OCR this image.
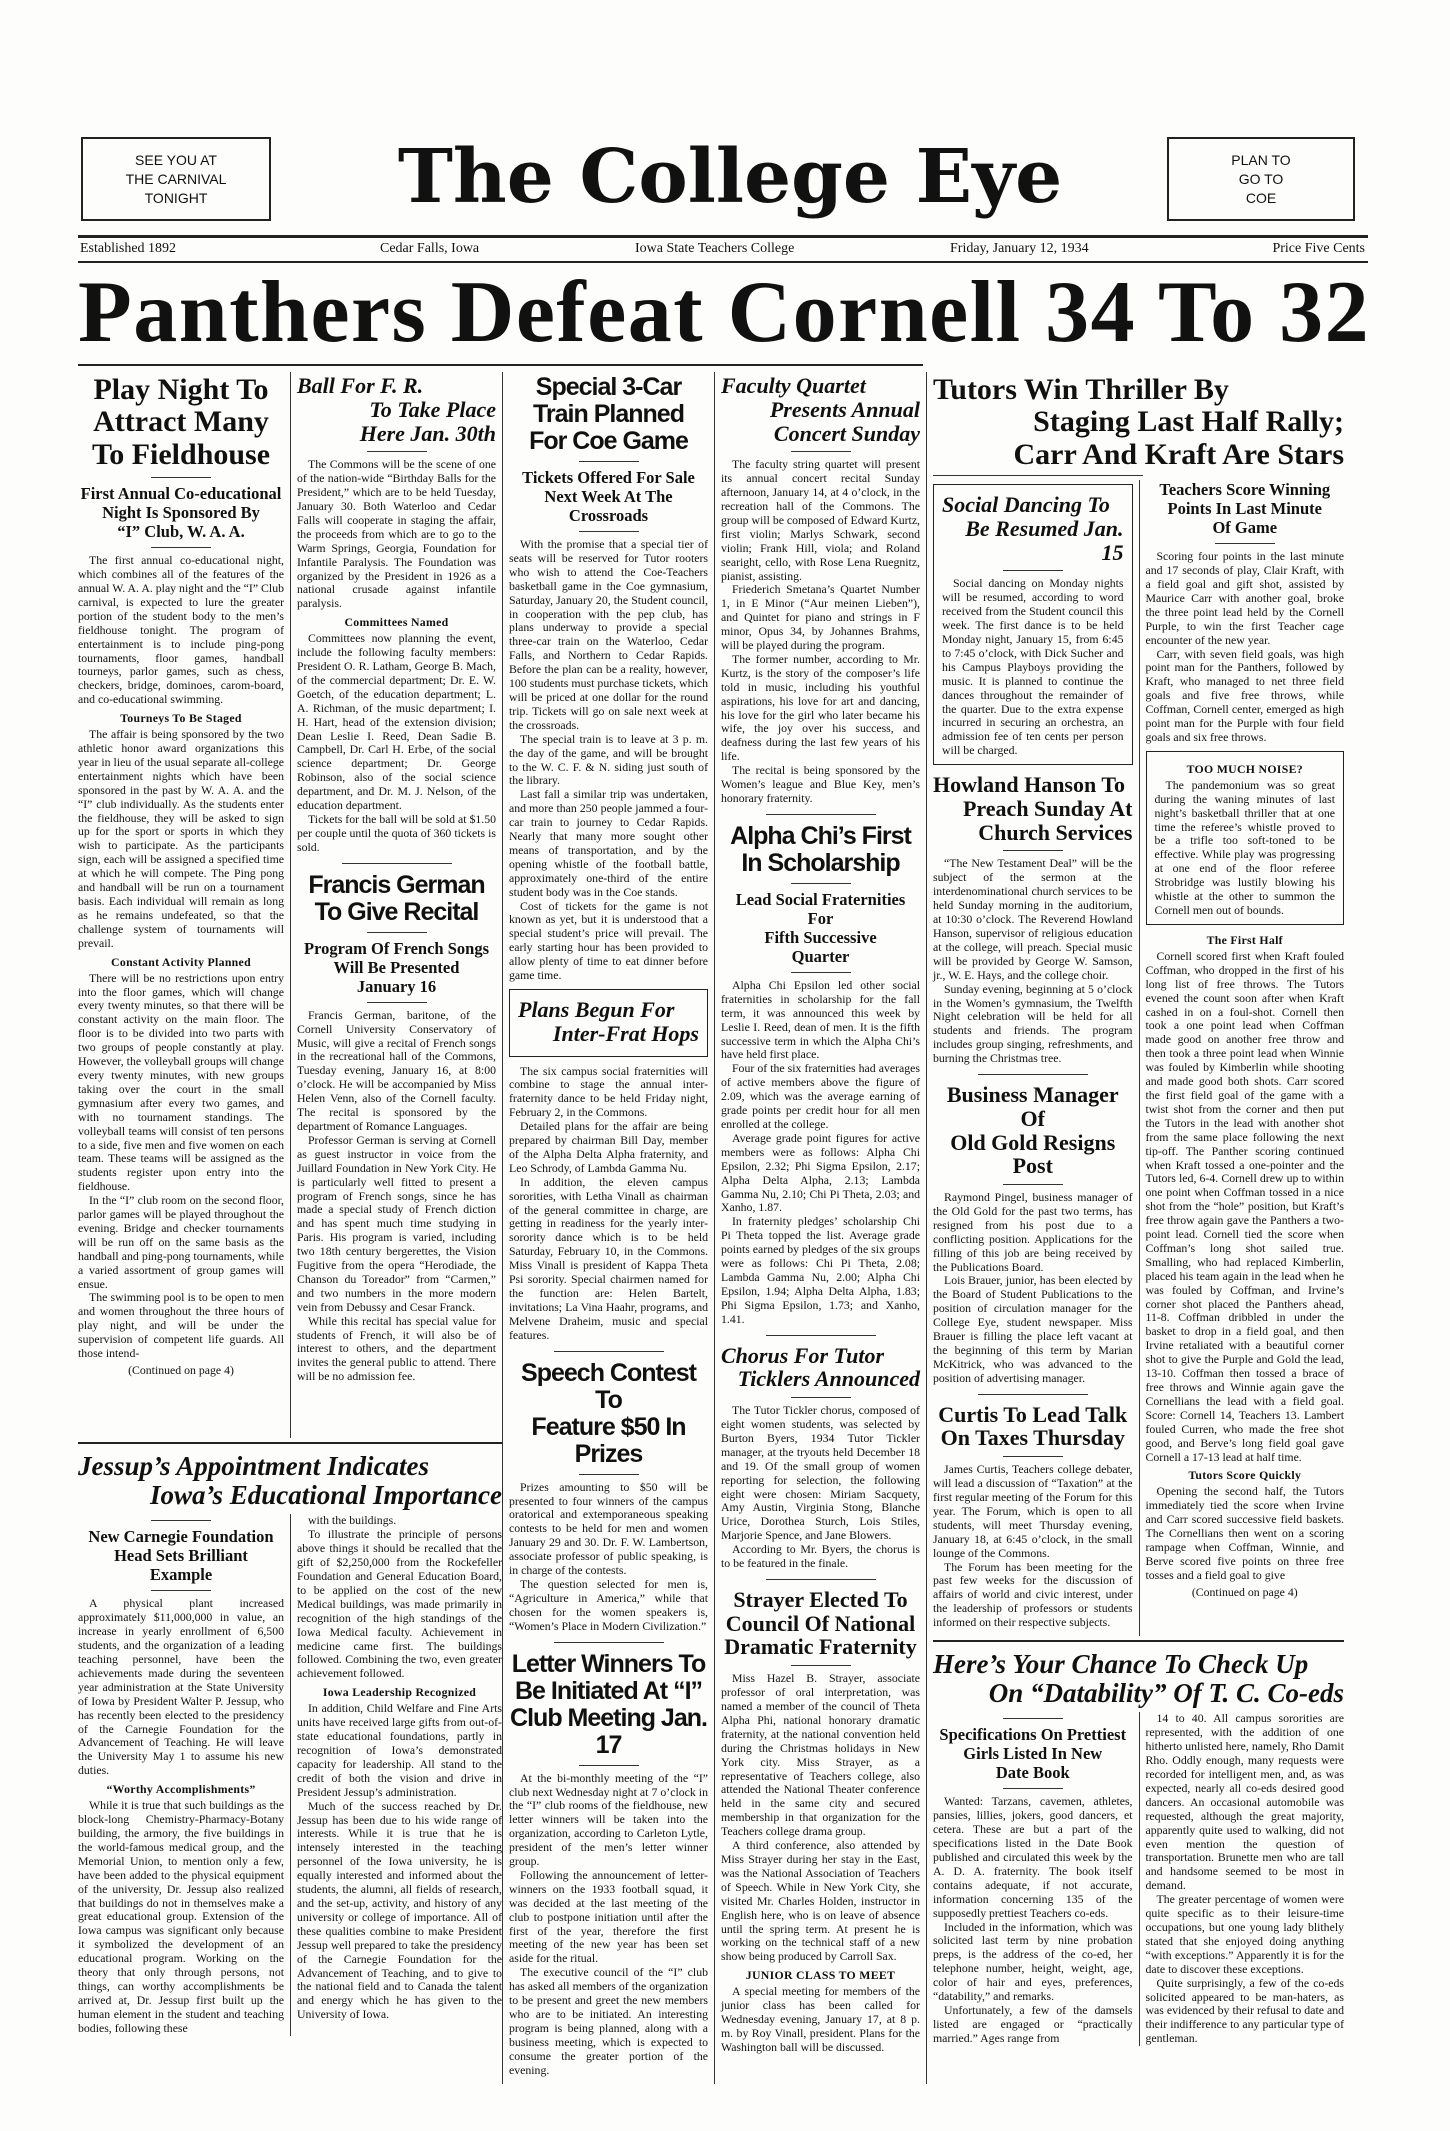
SEE YOU AT
THE CARNIVAL
TONIGHT	The College Eye	PLAN TO
GO TO
COE
Established 1892	Cedar Falls, Iowa	Iowa State Teachers College	Friday, January 12, 1934	Price Five Cents
Panthers Defeat Cornell 34 To 32
Play Night To
Attract Many
To Fieldhouse
First Annual Co-educational
Night Is Sponsored By
“I” Club, W. A. A.

The first annual co-educational night, which combines all of the features of the annual W. A. A. play night and the “I” Club carnival, is expected to lure the greater portion of the student body to the men’s fieldhouse tonight. The program of entertainment is to include ping-pong tournaments, floor games, handball tourneys, parlor games, such as chess, checkers, bridge, dominoes, carom-board, and co-educational swimming.

Tourneys To Be Staged

The affair is being sponsored by the two athletic honor award organizations this year in lieu of the usual separate all-college entertainment nights which have been sponsored in the past by W. A. A. and the “I” club individually. As the students enter the fieldhouse, they will be asked to sign up for the sport or sports in which they wish to participate. As the participants sign, each will be assigned a specified time at which he will compete. The Ping pong and handball will be run on a tournament basis. Each individual will remain as long as he remains undefeated, so that the challenge system of tournaments will prevail.

Constant Activity Planned

There will be no restrictions upon entry into the floor games, which will change every twenty minutes, so that there will be constant activity on the main floor. The floor is to be divided into two parts with two groups of people constantly at play. However, the volleyball groups will change every twenty minutes, with new groups taking over the court in the small gymnasium after every two games, and with no tournament standings. The volleyball teams will consist of ten persons to a side, five men and five women on each team. These teams will be assigned as the students register upon entry into the fieldhouse.

In the “I” club room on the second floor, parlor games will be played throughout the evening. Bridge and checker tournaments will be run off on the same basis as the handball and ping-pong tournaments, while a varied assortment of group games will ensue.

The swimming pool is to be open to men and women throughout the three hours of play night, and will be under the supervision of competent life guards. All those intend-

(Continued on page 4)
Ball For F. R.
To Take Place
Here Jan. 30th

The Commons will be the scene of one of the nation-wide “Birthday Balls for the President,” which are to be held Tuesday, January 30. Both Waterloo and Cedar Falls will cooperate in staging the affair, the proceeds from which are to go to the Warm Springs, Georgia, Foundation for Infantile Paralysis. The Foundation was organized by the President in 1926 as a national crusade against infantile paralysis.

Committees Named

Committees now planning the event, include the following faculty members: President O. R. Latham, George B. Mach, of the commercial department; Dr. E. W. Goetch, of the education department; L. A. Richman, of the music department; I. H. Hart, head of the extension division; Dean Leslie I. Reed, Dean Sadie B. Campbell, Dr. Carl H. Erbe, of the social science department; Dr. George Robinson, also of the social science department, and Dr. M. J. Nelson, of the education department.

Tickets for the ball will be sold at $1.50 per couple until the quota of 360 tickets is sold.

Francis German
To Give Recital
Program Of French Songs
Will Be Presented
January 16

Francis German, baritone, of the Cornell University Conservatory of Music, will give a recital of French songs in the recreational hall of the Commons, Tuesday evening, January 16, at 8:00 o’clock. He will be accompanied by Miss Helen Venn, also of the Cornell faculty. The recital is sponsored by the department of Romance Languages.

Professor German is serving at Cornell as guest instructor in voice from the Juillard Foundation in New York City. He is particularly well fitted to present a program of French songs, since he has made a special study of French diction and has spent much time studying in Paris. His program is varied, including two 18th century bergerettes, the Vision Fugitive from the opera “Herodiade, the Chanson du Toreador” from “Carmen,” and two numbers in the more modern vein from Debussy and Cesar Franck.

While this recital has special value for students of French, it will also be of interest to others, and the department invites the general public to attend. There will be no admission fee.

Jessup’s Appointment Indicates
Iowa’s Educational Importance
New Carnegie Foundation
Head Sets Brilliant
Example

A physical plant increased approximately $11,000,000 in value, an increase in yearly enrollment of 6,500 students, and the organization of a leading teaching personnel, have been the achievements made during the seventeen year administration at the State University of Iowa by President Walter P. Jessup, who has recently been elected to the presidency of the Carnegie Foundation for the Advancement of Teaching. He will leave the University May 1 to assume his new duties.

“Worthy Accomplishments”

While it is true that such buildings as the block-long Chemistry-Pharmacy-Botany building, the armory, the five buildings in the world-famous medical group, and the Memorial Union, to mention only a few, have been added to the physical equipment of the university, Dr. Jessup also realized that buildings do not in themselves make a great educational group. Extension of the Iowa campus was significant only because it symbolized the development of an educational program. Working on the theory that only through persons, not things, can worthy accomplishments be arrived at, Dr. Jessup first built up the human element in the student and teaching bodies, following these

with the buildings.

To illustrate the principle of persons above things it should be recalled that the gift of $2,250,000 from the Rockefeller Foundation and General Education Board, to be applied on the cost of the new Medical buildings, was made primarily in recognition of the high standings of the Iowa Medical faculty. Achievement in medicine came first. The buildings followed. Combining the two, even greater achievement followed.

Iowa Leadership Recognized

In addition, Child Welfare and Fine Arts units have received large gifts from out-of-state educational foundations, partly in recognition of Iowa’s demonstrated capacity for leadership. All stand to the credit of both the vision and drive in President Jessup’s administration.

Much of the success reached by Dr. Jessup has been due to his wide range of interests. While it is true that he is intensely interested in the teaching personnel of the Iowa university, he is equally interested and informed about the students, the alumni, all fields of research, and the set-up, activity, and history of any university or college of importance. All of these qualities combine to make President Jessup well prepared to take the presidency of the Carnegie Foundation for the Advancement of Teaching, and to give to the national field and to Canada the talent and energy which he has given to the University of Iowa.

Special 3-Car
Train Planned
For Coe Game
Tickets Offered For Sale
Next Week At The
Crossroads

With the promise that a special tier of seats will be reserved for Tutor rooters who wish to attend the Coe-Teachers basketball game in the Coe gymnasium, Saturday, January 20, the Student council, in cooperation with the pep club, has plans underway to provide a special three-car train on the Waterloo, Cedar Falls, and Northern to Cedar Rapids. Before the plan can be a reality, however, 100 students must purchase tickets, which will be priced at one dollar for the round trip. Tickets will go on sale next week at the crossroads.

The special train is to leave at 3 p. m. the day of the game, and will be brought to the W. C. F. & N. siding just south of the library.

Last fall a similar trip was undertaken, and more than 250 people jammed a four-car train to journey to Cedar Rapids. Nearly that many more sought other means of transportation, and by the opening whistle of the football battle, approximately one-third of the entire student body was in the Coe stands.

Cost of tickets for the game is not known as yet, but it is understood that a special student’s price will prevail. The early starting hour has been provided to allow plenty of time to eat dinner before game time.

Plans Begun For
Inter-Frat Hops

The six campus social fraternities will combine to stage the annual inter-fraternity dance to be held Friday night, February 2, in the Commons.

Detailed plans for the affair are being prepared by chairman Bill Day, member of the Alpha Delta Alpha fraternity, and Leo Schrody, of Lambda Gamma Nu.

In addition, the eleven campus sororities, with Letha Vinall as chairman of the general committee in charge, are getting in readiness for the yearly inter-sorority dance which is to be held Saturday, February 10, in the Commons. Miss Vinall is president of Kappa Theta Psi sorority. Special chairmen named for the function are: Helen Bartelt, invitations; La Vina Haahr, programs, and Melvene Draheim, music and special features.

Speech Contest To
Feature $50 In Prizes

Prizes amounting to $50 will be presented to four winners of the campus oratorical and extemporaneous speaking contests to be held for men and women January 29 and 30. Dr. F. W. Lambertson, associate professor of public speaking, is in charge of the contests.

The question selected for men is, “Agriculture in America,” while that chosen for the women speakers is, “Women’s Place in Modern Civilization.”

Letter Winners To
Be Initiated At “I”
Club Meeting Jan. 17

At the bi-monthly meeting of the “I” club next Wednesday night at 7 o’clock in the “I” club rooms of the fieldhouse, new letter winners will be taken into the organization, according to Carleton Lytle, president of the men’s letter winner group.

Following the announcement of letter-winners on the 1933 football squad, it was decided at the last meeting of the club to postpone initiation until after the first of the year, therefore the first meeting of the new year has been set aside for the ritual.

The executive council of the “I” club has asked all members of the organization to be present and greet the new members who are to be initiated. An interesting program is being planned, along with a business meeting, which is expected to consume the greater portion of the evening.

Faculty Quartet
Presents Annual
Concert Sunday

The faculty string quartet will present its annual concert recital Sunday afternoon, January 14, at 4 o’clock, in the recreation hall of the Commons. The group will be composed of Edward Kurtz, first violin; Marlys Schwark, second violin; Frank Hill, viola; and Roland searight, cello, with Rose Lena Ruegnitz, pianist, assisting.

Friederich Smetana’s Quartet Number 1, in E Minor (“Aur meinen Lieben”), and Quintet for piano and strings in F minor, Opus 34, by Johannes Brahms, will be played during the program.

The former number, according to Mr. Kurtz, is the story of the composer’s life told in music, including his youthful aspirations, his love for art and dancing, his love for the girl who later became his wife, the joy over his success, and deafness during the last few years of his life.

The recital is being sponsored by the Women’s league and Blue Key, men’s honorary fraternity.

Alpha Chi’s First
In Scholarship
Lead Social Fraternities For
Fifth Successive
Quarter

Alpha Chi Epsilon led other social fraternities in scholarship for the fall term, it was announced this week by Leslie I. Reed, dean of men. It is the fifth successive term in which the Alpha Chi’s have held first place.

Four of the six fraternities had averages of active members above the figure of 2.09, which was the average earning of grade points per credit hour for all men enrolled at the college.

Average grade point figures for active members were as follows: Alpha Chi Epsilon, 2.32; Phi Sigma Epsilon, 2.17; Alpha Delta Alpha, 2.13; Lambda Gamma Nu, 2.10; Chi Pi Theta, 2.03; and Xanho, 1.87.

In fraternity pledges’ scholarship Chi Pi Theta topped the list. Average grade points earned by pledges of the six groups were as follows: Chi Pi Theta, 2.08; Lambda Gamma Nu, 2.00; Alpha Chi Epsilon, 1.94; Alpha Delta Alpha, 1.83; Phi Sigma Epsilon, 1.73; and Xanho, 1.41.

Chorus For Tutor
Ticklers Announced

The Tutor Tickler chorus, composed of eight women students, was selected by Burton Byers, 1934 Tutor Tickler manager, at the tryouts held December 18 and 19. Of the small group of women reporting for selection, the following eight were chosen: Miriam Sacquety, Amy Austin, Virginia Stong, Blanche Urice, Dorothea Sturch, Lois Stiles, Marjorie Spence, and Jane Blowers.

According to Mr. Byers, the chorus is to be featured in the finale.

Strayer Elected To
Council Of National
Dramatic Fraternity

Miss Hazel B. Strayer, associate professor of oral interpretation, was named a member of the council of Theta Alpha Phi, national honorary dramatic fraternity, at the national convention held during the Christmas holidays in New York city. Miss Strayer, as a representative of Teachers college, also attended the National Theater conference held in the same city and secured membership in that organization for the Teachers college drama group.

A third conference, also attended by Miss Strayer during her stay in the East, was the National Association of Teachers of Speech. While in New York City, she visited Mr. Charles Holden, instructor in English here, who is on leave of absence until the spring term. At present he is working on the technical staff of a new show being produced by Carroll Sax.

JUNIOR CLASS TO MEET

A special meeting for members of the junior class has been called for Wednesday evening, January 17, at 8 p. m. by Roy Vinall, president. Plans for the Washington ball will be discussed.

Tutors Win Thriller By
Staging Last Half Rally;
Carr And Kraft Are Stars
Social Dancing To
Be Resumed Jan. 15

Social dancing on Monday nights will be resumed, according to word received from the Student council this week. The first dance is to be held Monday night, January 15, from 6:45 to 7:45 o’clock, with Dick Sucher and his Campus Playboys providing the music. It is planned to continue the dances throughout the remainder of the quarter. Due to the extra expense incurred in securing an orchestra, an admission fee of ten cents per person will be charged.

Howland Hanson To
Preach Sunday At
Church Services

“The New Testament Deal” will be the subject of the sermon at the interdenominational church services to be held Sunday morning in the auditorium, at 10:30 o’clock. The Reverend Howland Hanson, supervisor of religious education at the college, will preach. Special music will be provided by George W. Samson, jr., W. E. Hays, and the college choir.

Sunday evening, beginning at 5 o’clock in the Women’s gymnasium, the Twelfth Night celebration will be held for all students and friends. The program includes group singing, refreshments, and burning the Christmas tree.

Business Manager Of
Old Gold Resigns Post

Raymond Pingel, business manager of the Old Gold for the past two terms, has resigned from his post due to a conflicting position. Applications for the filling of this job are being received by the Publications Board.

Lois Brauer, junior, has been elected by the Board of Student Publications to the position of circulation manager for the College Eye, student newspaper. Miss Brauer is filling the place left vacant at the beginning of this term by Marian McKitrick, who was advanced to the position of advertising manager.

Curtis To Lead Talk
On Taxes Thursday

James Curtis, Teachers college debater, will lead a discussion of “Taxation” at the first regular meeting of the Forum for this year. The Forum, which is open to all students, will meet Thursday evening, January 18, at 6:45 o’clock, in the small lounge of the Commons.

The Forum has been meeting for the past few weeks for the discussion of affairs of world and civic interest, under the leadership of professors or students informed on their respective subjects.

Teachers Score Winning
Points In Last Minute
Of Game

Scoring four points in the last minute and 17 seconds of play, Clair Kraft, with a field goal and gift shot, assisted by Maurice Carr with another goal, broke the three point lead held by the Cornell Purple, to win the first Teacher cage encounter of the new year.

Carr, with seven field goals, was high point man for the Panthers, followed by Kraft, who managed to net three field goals and five free throws, while Coffman, Cornell center, emerged as high point man for the Purple with four field goals and six free throws.

TOO MUCH NOISE?

The pandemonium was so great during the waning minutes of last night’s basketball thriller that at one time the referee’s whistle proved to be a trifle too soft-toned to be effective. While play was progressing at one end of the floor referee Strobridge was lustily blowing his whistle at the other to summon the Cornell men out of bounds.

The First Half

Cornell scored first when Kraft fouled Coffman, who dropped in the first of his long list of free throws. The Tutors evened the count soon after when Kraft cashed in on a foul-shot. Cornell then took a one point lead when Coffman made good on another free throw and then took a three point lead when Winnie was fouled by Kimberlin while shooting and made good both shots. Carr scored the first field goal of the game with a twist shot from the corner and then put the Tutors in the lead with another shot from the same place following the next tip-off. The Panther scoring continued when Kraft tossed a one-pointer and the Tutors led, 6-4. Cornell drew up to within one point when Coffman tossed in a nice shot from the “hole” position, but Kraft’s free throw again gave the Panthers a two-point lead. Cornell tied the score when Coffman’s long shot sailed true. Smalling, who had replaced Kimberlin, placed his team again in the lead when he was fouled by Coffman, and Irvine’s corner shot placed the Panthers ahead, 11-8. Coffman dribbled in under the basket to drop in a field goal, and then Irvine retaliated with a beautiful corner shot to give the Purple and Gold the lead, 13-10. Coffman then tossed a brace of free throws and Winnie again gave the Cornellians the lead with a field goal. Score: Cornell 14, Teachers 13. Lambert fouled Curren, who made the free shot good, and Berve’s long field goal gave Cornell a 17-13 lead at half time.

Tutors Score Quickly

Opening the second half, the Tutors immediately tied the score when Irvine and Carr scored successive field baskets. The Cornellians then went on a scoring rampage when Coffman, Winnie, and Berve scored five points on three free tosses and a field goal to give

(Continued on page 4)
Here’s Your Chance To Check Up
On “Datability” Of T. C. Co-eds
Specifications On Prettiest
Girls Listed In New
Date Book

Wanted: Tarzans, cavemen, athletes, pansies, lillies, jokers, good dancers, et cetera. These are but a part of the specifications listed in the Date Book published and circulated this week by the A. D. A. fraternity. The book itself contains adequate, if not accurate, information concerning 135 of the supposedly prettiest Teachers co-eds.

Included in the information, which was solicited last term by nine probation preps, is the address of the co-ed, her telephone number, height, weight, age, color of hair and eyes, preferences, “datability,” and remarks.

Unfortunately, a few of the damsels listed are engaged or “practically married.” Ages range from

14 to 40. All campus sororities are represented, with the addition of one hitherto unlisted here, namely, Rho Damit Rho. Oddly enough, many requests were recorded for intelligent men, and, as was expected, nearly all co-eds desired good dancers. An occasional automobile was requested, although the great majority, apparently quite used to walking, did not even mention the question of transportation. Brunette men who are tall and handsome seemed to be most in demand.

The greater percentage of women were quite specific as to their leisure-time occupations, but one young lady blithely stated that she enjoyed doing anything “with exceptions.” Apparently it is for the date to discover these exceptions.

Quite surprisingly, a few of the co-eds solicited appeared to be man-haters, as was evidenced by their refusal to date and their indifference to any particular type of gentleman.
